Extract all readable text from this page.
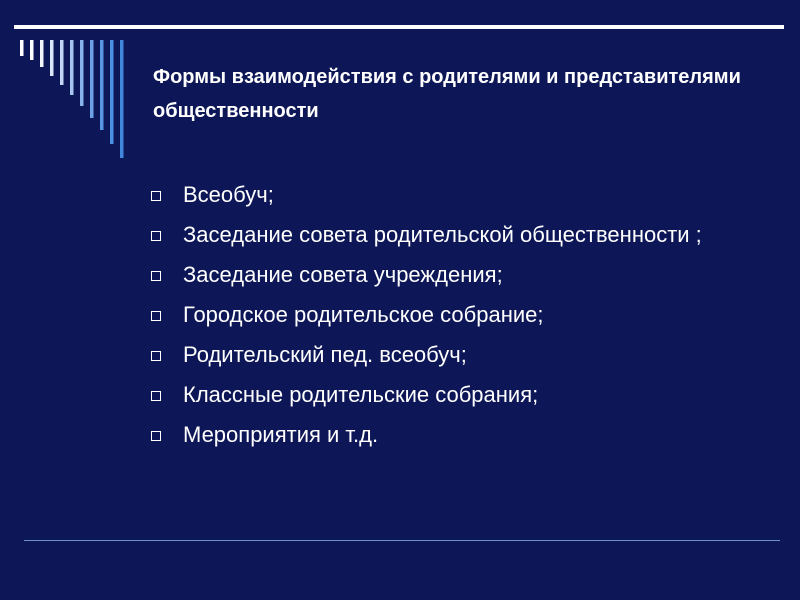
Формы взаимодействия с родителями и представителями общественности
Всеобуч;
Заседание совета родительской общественности ;
Заседание совета учреждения;
Городское родительское собрание;
Родительский пед. всеобуч;
Классные родительские собрания;
Мероприятия и т.д.
